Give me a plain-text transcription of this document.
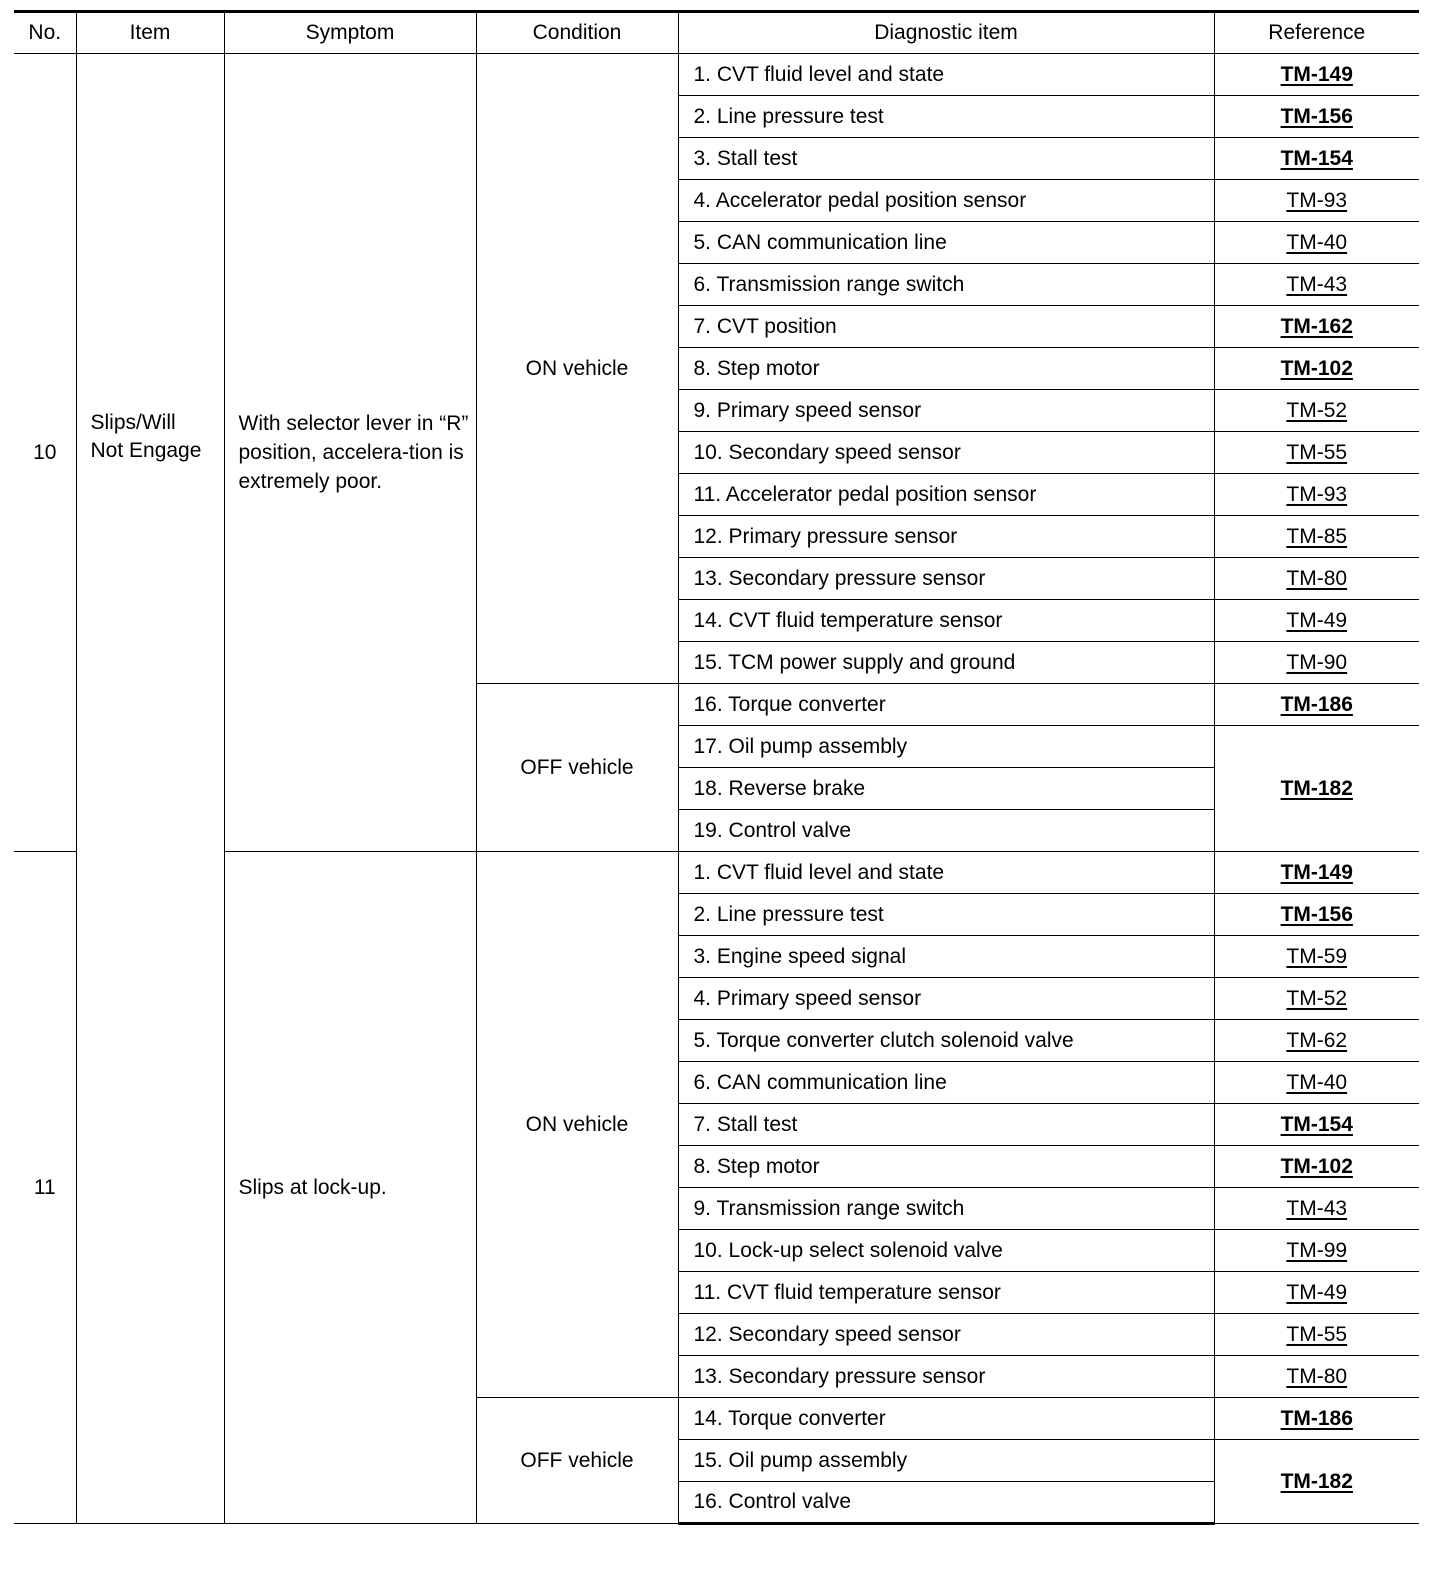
No.	Item	Symptom	Condition	Diagnostic item	Reference
10	Slips/Will Not Engage	With selector lever in “R” position, accelera-tion is extremely poor.	ON vehicle	1. CVT fluid level and state	TM-149
				2. Line pressure test	TM-156
				3. Stall test	TM-154
				4. Accelerator pedal position sensor	TM-93
				5. CAN communication line	TM-40
				6. Transmission range switch	TM-43
				7. CVT position	TM-162
				8. Step motor	TM-102
				9. Primary speed sensor	TM-52
				10. Secondary speed sensor	TM-55
				11. Accelerator pedal position sensor	TM-93
				12. Primary pressure sensor	TM-85
				13. Secondary pressure sensor	TM-80
				14. CVT fluid temperature sensor	TM-49
				15. TCM power supply and ground	TM-90
			OFF vehicle	16. Torque converter	TM-186
				17. Oil pump assembly	TM-182
				18. Reverse brake	
				19. Control valve	
11		Slips at lock-up.	ON vehicle	1. CVT fluid level and state	TM-149
				2. Line pressure test	TM-156
				3. Engine speed signal	TM-59
				4. Primary speed sensor	TM-52
				5. Torque converter clutch solenoid valve	TM-62
				6. CAN communication line	TM-40
				7. Stall test	TM-154
				8. Step motor	TM-102
				9. Transmission range switch	TM-43
				10. Lock-up select solenoid valve	TM-99
				11. CVT fluid temperature sensor	TM-49
				12. Secondary speed sensor	TM-55
				13. Secondary pressure sensor	TM-80
			OFF vehicle	14. Torque converter	TM-186
				15. Oil pump assembly	TM-182
				16. Control valve	
